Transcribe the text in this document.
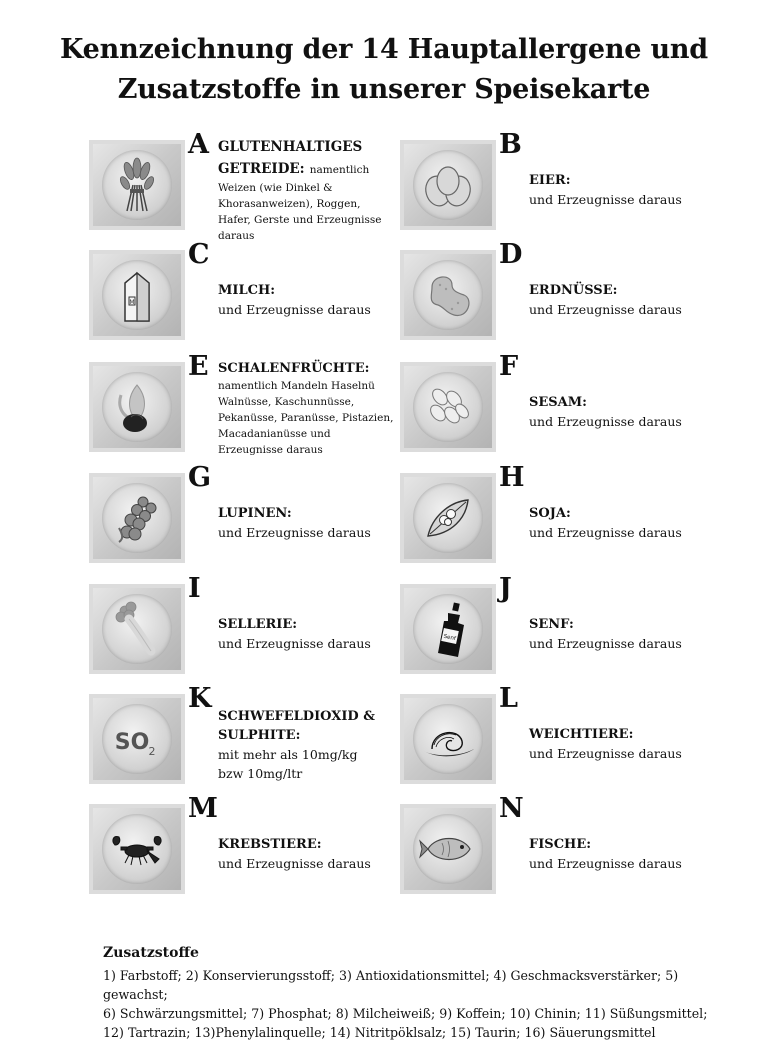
Kennzeichnung der 14 Hauptallergene und
Zusatzstoffe in unserer Speisekarte
A GLUTENHALTIGES
GETREIDE: namentlich
Weizen (wie Dinkel & Khorasanweizen), Roggen, Hafer, Gerste und Erzeugnisse daraus
B
EIER:
und Erzeugnisse daraus
M
C
MILCH:
und Erzeugnisse daraus
D
ERDNÜSSE:
und Erzeugnisse daraus
E SCHALENFRÜCHTE:
namentlich Mandeln Haselnü Walnüsse, Kaschunnüsse, Pekanüsse, Paranüsse, Pistazien, Macadanianüsse und Erzeugnisse daraus
F
SESAM:
und Erzeugnisse daraus
G
LUPINEN:
und Erzeugnisse daraus
H
SOJA:
und Erzeugnisse daraus
I
SELLERIE:
und Erzeugnisse daraus	Senf
J
SENF:
und Erzeugnisse daraus
SO 2
K
SCHWEFELDIOXID &
SULPHITE:
mit mehr als 10mg/kg
bzw 10mg/ltr
L
WEICHTIERE:
und Erzeugnisse daraus
M
KREBSTIERE:
und Erzeugnisse daraus
N
FISCHE:
und Erzeugnisse daraus
Zusatzstoffe
1) Farbstoff; 2) Konservierungsstoff; 3) Antioxidationsmittel; 4) Geschmacksverstärker; 5) gewachst;
6) Schwärzungsmittel; 7) Phosphat; 8) Milcheiweiß; 9) Koffein; 10) Chinin; 11) Süßungsmittel;
12) Tartrazin; 13)Phenylalinquelle; 14) Nitritpöklsalz; 15) Taurin; 16) Säuerungsmittel
